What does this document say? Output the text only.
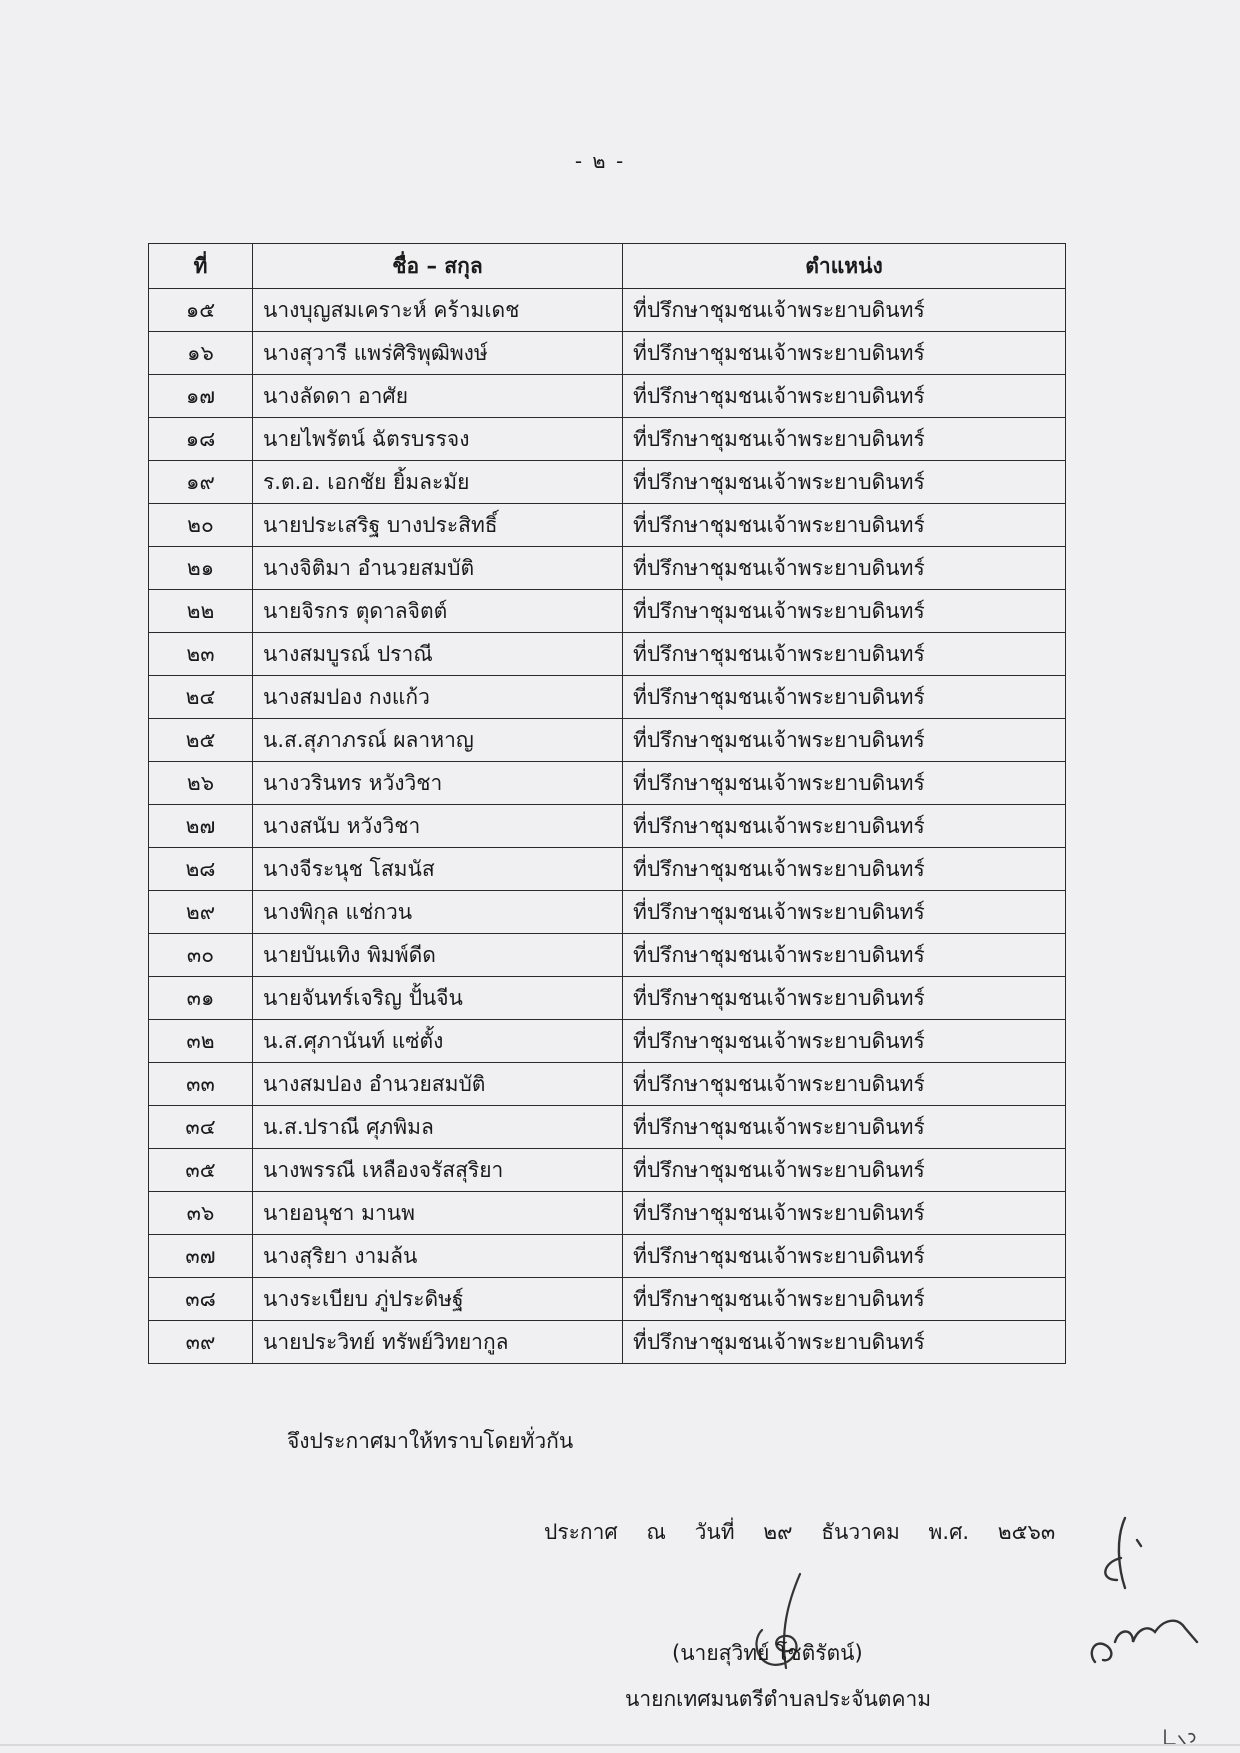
- ๒ -
ที่	ชื่อ – สกุล	ตำแหน่ง
๑๕	นางบุญสมเคราะห์ คร้ามเดช	ที่ปรึกษาชุมชนเจ้าพระยาบดินทร์
๑๖	นางสุวารี แพร่ศิริพุฒิพงษ์	ที่ปรึกษาชุมชนเจ้าพระยาบดินทร์
๑๗	นางลัดดา อาศัย	ที่ปรึกษาชุมชนเจ้าพระยาบดินทร์
๑๘	นายไพรัตน์ ฉัตรบรรจง	ที่ปรึกษาชุมชนเจ้าพระยาบดินทร์
๑๙	ร.ต.อ. เอกชัย ยิ้มละมัย	ที่ปรึกษาชุมชนเจ้าพระยาบดินทร์
๒๐	นายประเสริฐ บางประสิทธิ์	ที่ปรึกษาชุมชนเจ้าพระยาบดินทร์
๒๑	นางจิติมา อำนวยสมบัติ	ที่ปรึกษาชุมชนเจ้าพระยาบดินทร์
๒๒	นายจิรกร ตุดาลจิตต์	ที่ปรึกษาชุมชนเจ้าพระยาบดินทร์
๒๓	นางสมบูรณ์ ปราณี	ที่ปรึกษาชุมชนเจ้าพระยาบดินทร์
๒๔	นางสมปอง กงแก้ว	ที่ปรึกษาชุมชนเจ้าพระยาบดินทร์
๒๕	น.ส.สุภาภรณ์ ผลาหาญ	ที่ปรึกษาชุมชนเจ้าพระยาบดินทร์
๒๖	นางวรินทร หวังวิชา	ที่ปรึกษาชุมชนเจ้าพระยาบดินทร์
๒๗	นางสนับ หวังวิชา	ที่ปรึกษาชุมชนเจ้าพระยาบดินทร์
๒๘	นางจีระนุช โสมนัส	ที่ปรึกษาชุมชนเจ้าพระยาบดินทร์
๒๙	นางพิกุล แช่กวน	ที่ปรึกษาชุมชนเจ้าพระยาบดินทร์
๓๐	นายบันเทิง พิมพ์ดีด	ที่ปรึกษาชุมชนเจ้าพระยาบดินทร์
๓๑	นายจันทร์เจริญ ปั้นจีน	ที่ปรึกษาชุมชนเจ้าพระยาบดินทร์
๓๒	น.ส.ศุภานันท์ แซ่ตั้ง	ที่ปรึกษาชุมชนเจ้าพระยาบดินทร์
๓๓	นางสมปอง อำนวยสมบัติ	ที่ปรึกษาชุมชนเจ้าพระยาบดินทร์
๓๔	น.ส.ปราณี ศุภพิมล	ที่ปรึกษาชุมชนเจ้าพระยาบดินทร์
๓๕	นางพรรณี เหลืองจรัสสุริยา	ที่ปรึกษาชุมชนเจ้าพระยาบดินทร์
๓๖	นายอนุชา มานพ	ที่ปรึกษาชุมชนเจ้าพระยาบดินทร์
๓๗	นางสุริยา งามล้น	ที่ปรึกษาชุมชนเจ้าพระยาบดินทร์
๓๘	นางระเบียบ ภู่ประดิษฐ์	ที่ปรึกษาชุมชนเจ้าพระยาบดินทร์
๓๙	นายประวิทย์ ทรัพย์วิทยากูล	ที่ปรึกษาชุมชนเจ้าพระยาบดินทร์
จึงประกาศมาให้ทราบโดยทั่วกัน
ประกาศ ณ วันที่ ๒๙ ธันวาคม พ.ศ. ๒๕๖๓
(นายสุวิทย์ โชติรัตน์)
นายกเทศมนตรีตำบลประจันตคาม
